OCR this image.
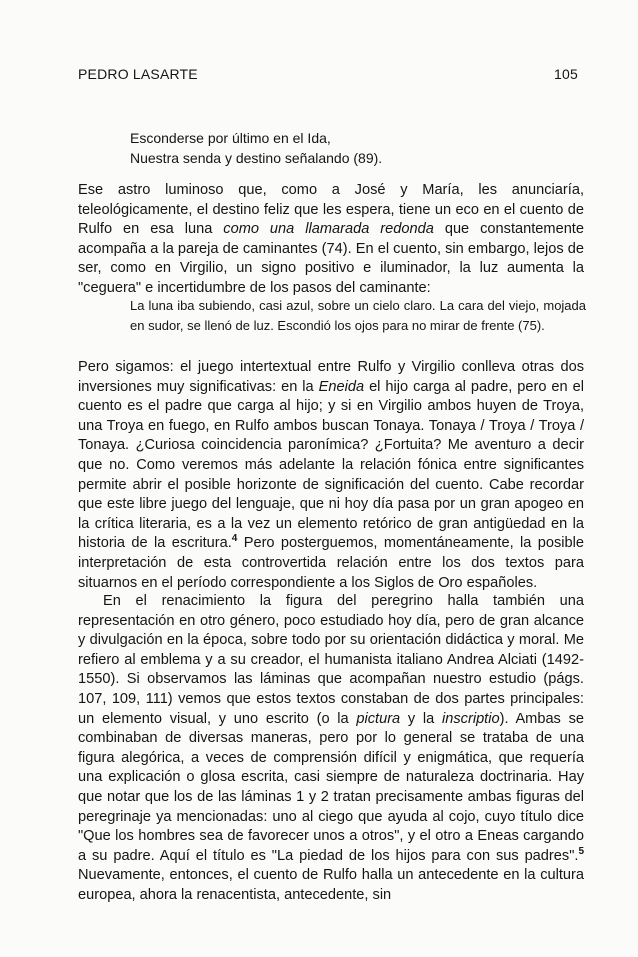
PEDRO LASARTE	105
Esconderse por último en el Ida,
Nuestra senda y destino señalando (89).
Ese astro luminoso que, como a José y María, les anunciaría, teleológicamente, el destino feliz que les espera, tiene un eco en el cuento de Rulfo en esa luna como una llamarada redonda que constantemente acompaña a la pareja de caminantes (74). En el cuento, sin embargo, lejos de ser, como en Virgilio, un signo positivo e iluminador, la luz aumenta la "ceguera" e incertidumbre de los pasos del caminante:
La luna iba subiendo, casi azul, sobre un cielo claro. La cara del viejo, mojada en sudor, se llenó de luz. Escondió los ojos para no mirar de frente (75).
Pero sigamos: el juego intertextual entre Rulfo y Virgilio conlleva otras dos inversiones muy significativas: en la Eneida el hijo carga al padre, pero en el cuento es el padre que carga al hijo; y si en Virgilio ambos huyen de Troya, una Troya en fuego, en Rulfo ambos buscan Tonaya. Tonaya / Troya / Troya / Tonaya. ¿Curiosa coincidencia paronímica? ¿Fortuita? Me aventuro a decir que no. Como veremos más adelante la relación fónica entre significantes permite abrir el posible horizonte de significación del cuento. Cabe recordar que este libre juego del lenguaje, que ni hoy día pasa por un gran apogeo en la crítica literaria, es a la vez un elemento retórico de gran antigüedad en la historia de la escritura.$^4$ Pero posterguemos, momentáneamente, la posible interpretación de esta controvertida relación entre los dos textos para situarnos en el período correspondiente a los Siglos de Oro españoles.
En el renacimiento la figura del peregrino halla también una representación en otro género, poco estudiado hoy día, pero de gran alcance y divulgación en la época, sobre todo por su orientación didáctica y moral. Me refiero al emblema y a su creador, el humanista italiano Andrea Alciati (1492-1550). Si observamos las láminas que acompañan nuestro estudio (págs. 107, 109, 111) vemos que estos textos constaban de dos partes principales: un elemento visual, y uno escrito (o la pictura y la inscriptio). Ambas se combinaban de diversas maneras, pero por lo general se trataba de una figura alegórica, a veces de comprensión difícil y enigmática, que requería una explicación o glosa escrita, casi siempre de naturaleza doctrinaria. Hay que notar que los de las láminas 1 y 2 tratan precisamente ambas figuras del peregrinaje ya mencionadas: uno al ciego que ayuda al cojo, cuyo título dice "Que los hombres sea de favorecer unos a otros", y el otro a Eneas cargando a su padre. Aquí el título es "La piedad de los hijos para con sus padres".$^5$ Nuevamente, entonces, el cuento de Rulfo halla un antecedente en la cultura europea, ahora la renacentista, antecedente, sin
